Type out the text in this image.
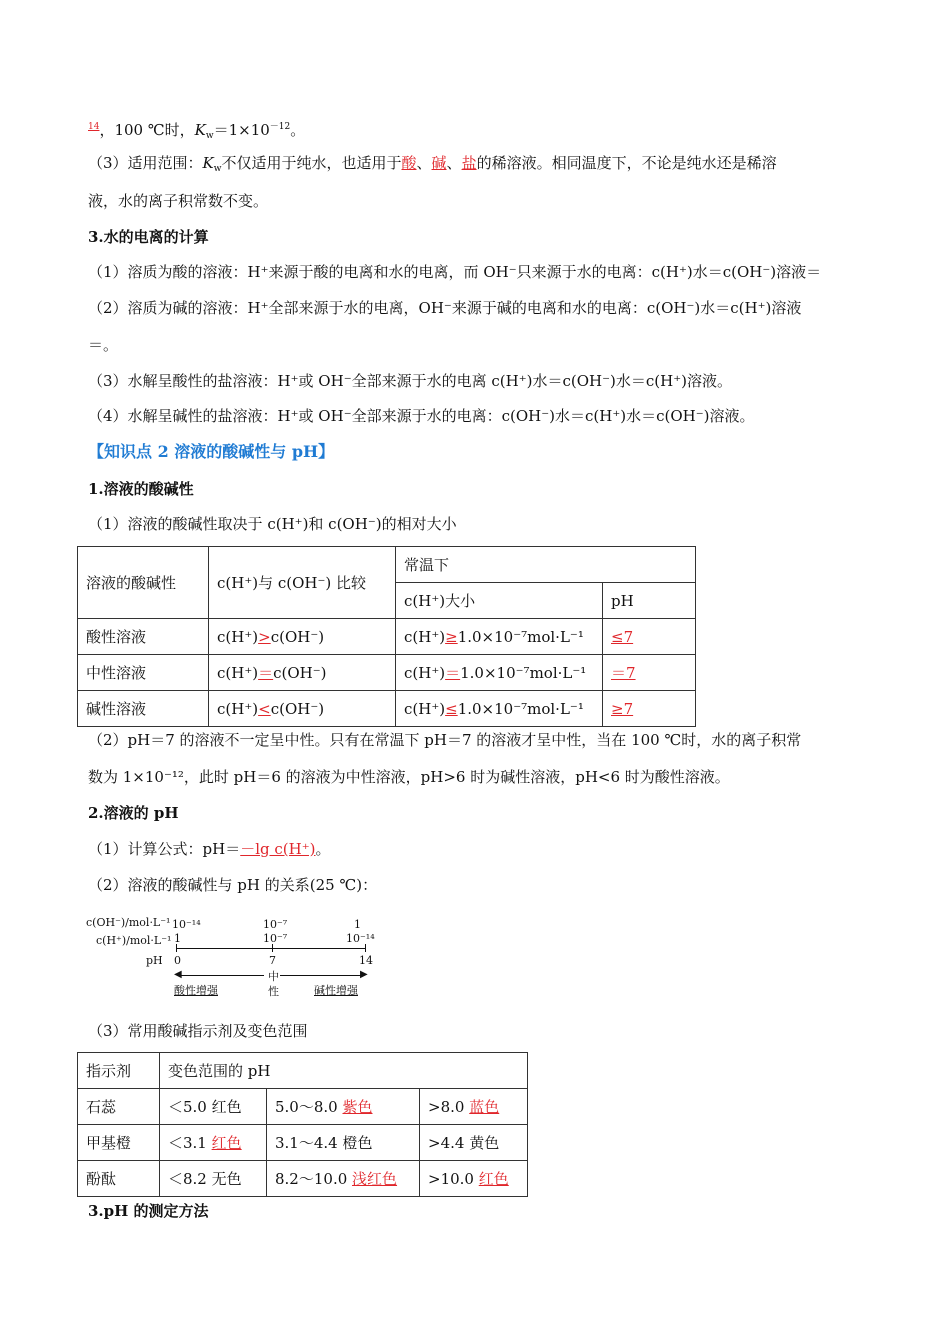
$^{14}$，100 ℃时，$K_w=1\times 10^{-12}$。
（3）适用范围：$K_w$不仅适用于纯水，也适用于酸、碱、盐的稀溶液。相同温度下，不论是纯水还是稀溶
液，水的离子积常数不变。
3.水的电离的计算
（1）溶质为酸的溶液：H⁺来源于酸的电离和水的电离，而 OH⁻只来源于水的电离：c(H⁺)水＝c(OH⁻)溶液＝
（2）溶质为碱的溶液：H⁺全部来源于水的电离，OH⁻来源于碱的电离和水的电离：c(OH⁻)水＝c(H⁺)溶液
＝。
（3）水解呈酸性的盐溶液：H⁺或 OH⁻全部来源于水的电离 c(H⁺)水＝c(OH⁻)水＝c(H⁺)溶液。
（4）水解呈碱性的盐溶液：H⁺或 OH⁻全部来源于水的电离：c(OH⁻)水＝c(H⁺)水＝c(OH⁻)溶液。
【知识点 2 溶液的酸碱性与 pH】
1.溶液的酸碱性
（1）溶液的酸碱性取决于 c(H⁺)和 c(OH⁻)的相对大小
溶液的酸碱性	c(H⁺)与 c(OH⁻) 比较	常温下	
		c(H⁺)大小	pH
酸性溶液	c(H⁺)>c(OH⁻)	c(H⁺)≥1.0×10⁻⁷mol·L⁻¹	≤7
中性溶液	c(H⁺)＝c(OH⁻)	c(H⁺)＝1.0×10⁻⁷mol·L⁻¹	＝7
碱性溶液	c(H⁺)<c(OH⁻)	c(H⁺)≤1.0×10⁻⁷mol·L⁻¹	≥7
（2）pH＝7 的溶液不一定呈中性。只有在常温下 pH＝7 的溶液才呈中性，当在 100 ℃时，水的离子积常
数为 1×10⁻¹²，此时 pH＝6 的溶液为中性溶液，pH>6 时为碱性溶液，pH<6 时为酸性溶液。
2.溶液的 pH
（1）计算公式：pH＝－lg c(H⁺)。
（2）溶液的酸碱性与 pH 的关系(25 ℃)：
c(OH⁻)/mol·L⁻¹
c(H⁺)/mol·L⁻¹
pH
10⁻¹⁴	10⁻⁷	1
1	10⁻⁷	10⁻¹⁴
0	7	14
◀	▶
中
性
酸性增强	碱性增强
（3）常用酸碱指示剂及变色范围
指示剂	变色范围的 pH		
石蕊	＜5.0 红色	5.0～8.0 紫色	>8.0 蓝色
甲基橙	＜3.1 红色	3.1～4.4 橙色	>4.4 黄色
酚酞	＜8.2 无色	8.2～10.0 浅红色	>10.0 红色
3.pH 的测定方法
